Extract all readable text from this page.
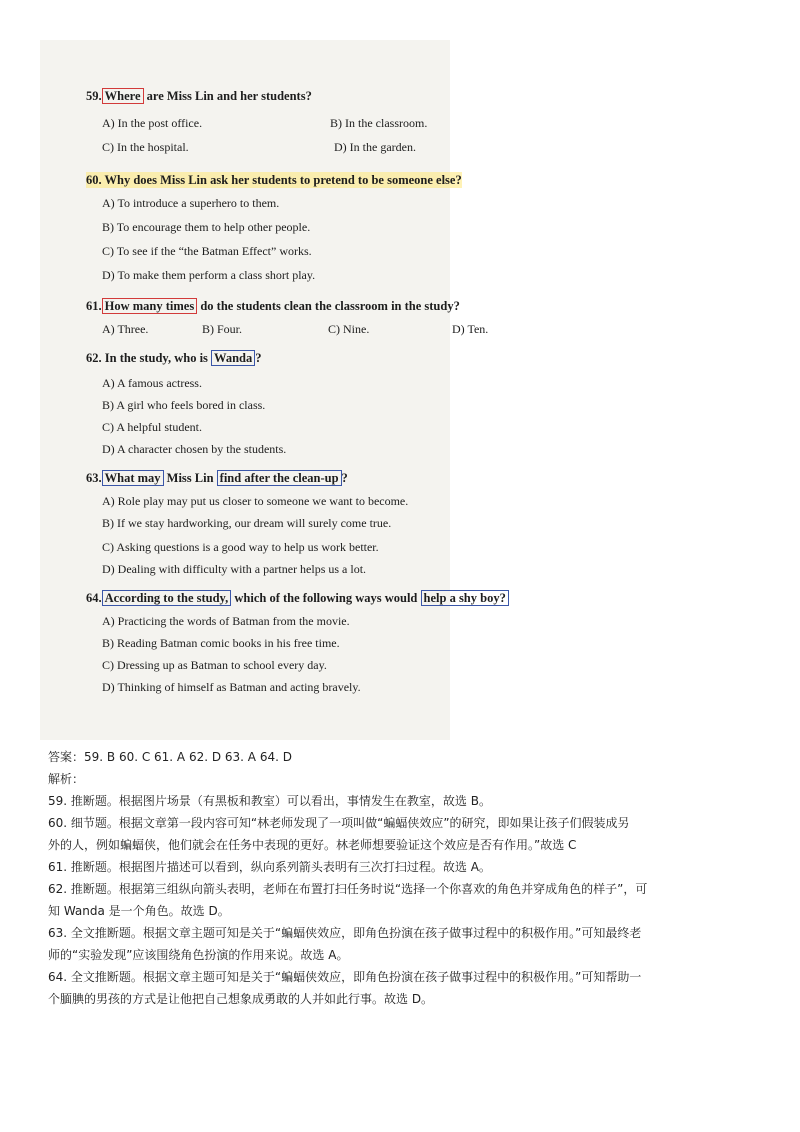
59. Where are Miss Lin and her students?
A) In the post office.	B) In the classroom.
C) In the hospital.	D) In the garden.
60. Why does Miss Lin ask her students to pretend to be someone else?
A) To introduce a superhero to them.
B) To encourage them to help other people.
C) To see if the “the Batman Effect” works.
D) To make them perform a class short play.
61. How many times do the students clean the classroom in the study?
A) Three.	B) Four.	C) Nine.	D) Ten.
62. In the study, who is Wanda ?
A) A famous actress.
B) A girl who feels bored in class.
C) A helpful student.
D) A character chosen by the students.
63. What may Miss Lin find after the clean-up ?
A) Role play may put us closer to someone we want to become.
B) If we stay hardworking, our dream will surely come true.
C) Asking questions is a good way to help us work better.
D) Dealing with difficulty with a partner helps us a lot.
64. According to the study, which of the following ways would help a shy boy?
A) Practicing the words of Batman from the movie.
B) Reading Batman comic books in his free time.
C) Dressing up as Batman to school every day.
D) Thinking of himself as Batman and acting bravely.
答案：59. B 60. C 61. A 62. D 63. A 64. D
解析：
59. 推断题。根据图片场景（有黑板和教室）可以看出，事情发生在教室，故选 B。
60. 细节题。根据文章第一段内容可知“林老师发现了一项叫做“蝙蝠侠效应”的研究，即如果让孩子们假装成另
外的人，例如蝙蝠侠，他们就会在任务中表现的更好。林老师想要验证这个效应是否有作用。”故选 C
61. 推断题。根据图片描述可以看到，纵向系列箭头表明有三次打扫过程。故选 A。
62. 推断题。根据第三组纵向箭头表明，老师在布置打扫任务时说“选择一个你喜欢的角色并穿成角色的样子”，可
知 Wanda 是一个角色。故选 D。
63. 全文推断题。根据文章主题可知是关于“蝙蝠侠效应，即角色扮演在孩子做事过程中的积极作用。”可知最终老
师的“实验发现”应该围绕角色扮演的作用来说。故选 A。
64. 全文推断题。根据文章主题可知是关于“蝙蝠侠效应，即角色扮演在孩子做事过程中的积极作用。”可知帮助一
个腼腆的男孩的方式是让他把自己想象成勇敢的人并如此行事。故选 D。
